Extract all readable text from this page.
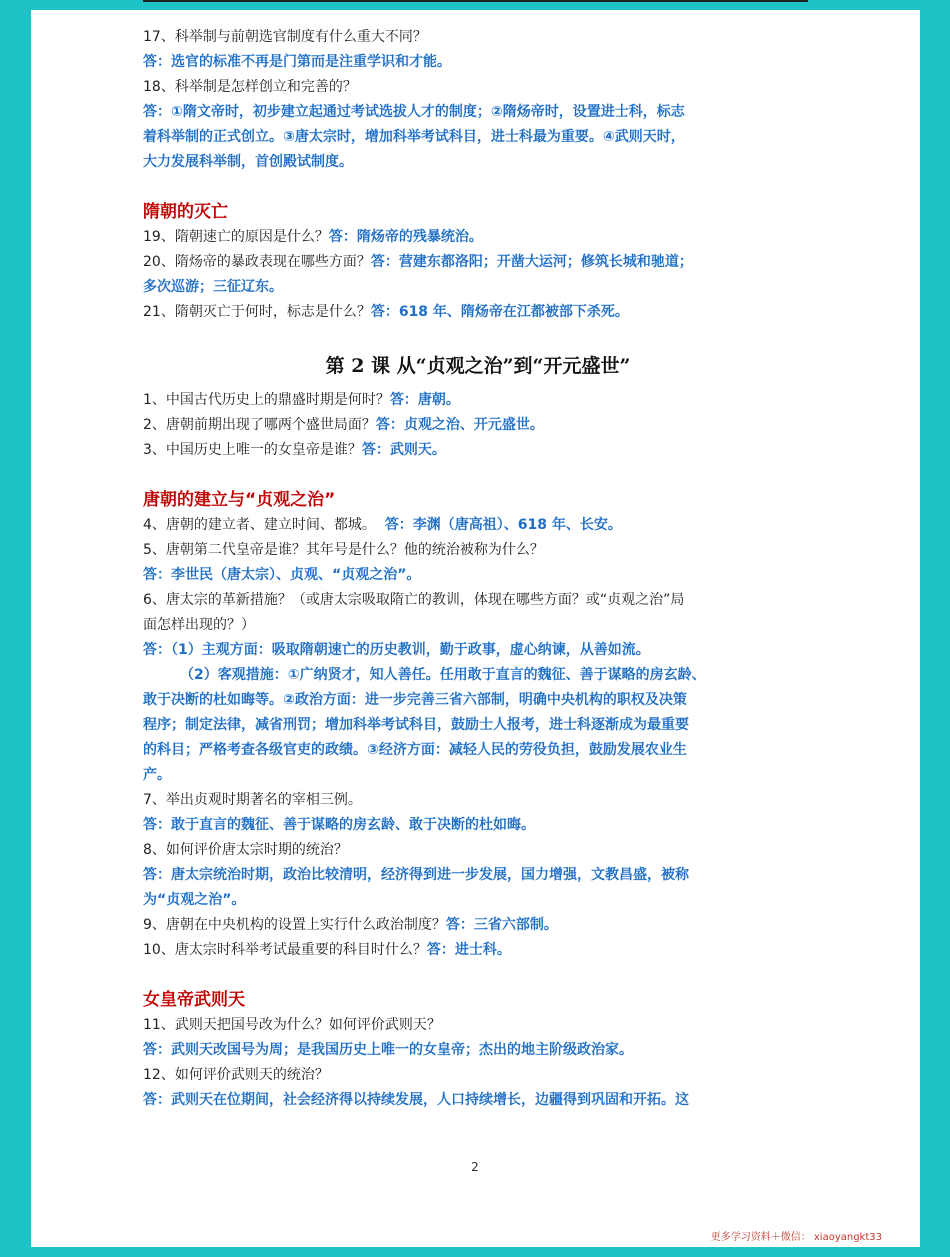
17、科举制与前朝选官制度有什么重大不同？
答：选官的标准不再是门第而是注重学识和才能。
18、科举制是怎样创立和完善的？
答：①隋文帝时，初步建立起通过考试选拔人才的制度；②隋炀帝时，设置进士科，标志
着科举制的正式创立。③唐太宗时，增加科举考试科目，进士科最为重要。④武则天时，
大力发展科举制，首创殿试制度。
隋朝的灭亡
19、隋朝速亡的原因是什么？答：隋炀帝的残暴统治。
20、隋炀帝的暴政表现在哪些方面？答：营建东都洛阳；开凿大运河；修筑长城和驰道；
多次巡游；三征辽东。
21、隋朝灭亡于何时，标志是什么？答：618 年、隋炀帝在江都被部下杀死。
第 2 课 从“贞观之治”到“开元盛世”
1、中国古代历史上的鼎盛时期是何时？答：唐朝。
2、唐朝前期出现了哪两个盛世局面？答：贞观之治、开元盛世。
3、中国历史上唯一的女皇帝是谁？答：武则天。
唐朝的建立与“贞观之治”
4、唐朝的建立者、建立时间、都城。 答：李渊（唐高祖）、618 年、长安。
5、唐朝第二代皇帝是谁？其年号是什么？他的统治被称为什么？
答：李世民（唐太宗）、贞观、“贞观之治”。
6、唐太宗的革新措施？（或唐太宗吸取隋亡的教训，体现在哪些方面？或“贞观之治”局
面怎样出现的？）
答：（1）主观方面：吸取隋朝速亡的历史教训，勤于政事，虚心纳谏，从善如流。
（2）客观措施：①广纳贤才，知人善任。任用敢于直言的魏征、善于谋略的房玄龄、
敢于决断的杜如晦等。②政治方面：进一步完善三省六部制，明确中央机构的职权及决策
程序；制定法律，减省刑罚；增加科举考试科目，鼓励士人报考，进士科逐渐成为最重要
的科目；严格考查各级官吏的政绩。③经济方面：减轻人民的劳役负担，鼓励发展农业生
产。
7、举出贞观时期著名的宰相三例。
答：敢于直言的魏征、善于谋略的房玄龄、敢于决断的杜如晦。
8、如何评价唐太宗时期的统治？
答：唐太宗统治时期，政治比较清明，经济得到进一步发展，国力增强，文教昌盛，被称
为“贞观之治”。
9、唐朝在中央机构的设置上实行什么政治制度？答：三省六部制。
10、唐太宗时科举考试最重要的科目时什么？答：进士科。
女皇帝武则天
11、武则天把国号改为什么？如何评价武则天？
答：武则天改国号为周；是我国历史上唯一的女皇帝；杰出的地主阶级政治家。
12、如何评价武则天的统治？
答：武则天在位期间，社会经济得以持续发展，人口持续增长，边疆得到巩固和开拓。这
2
更多学习资料＋微信： xiaoyangkt33
